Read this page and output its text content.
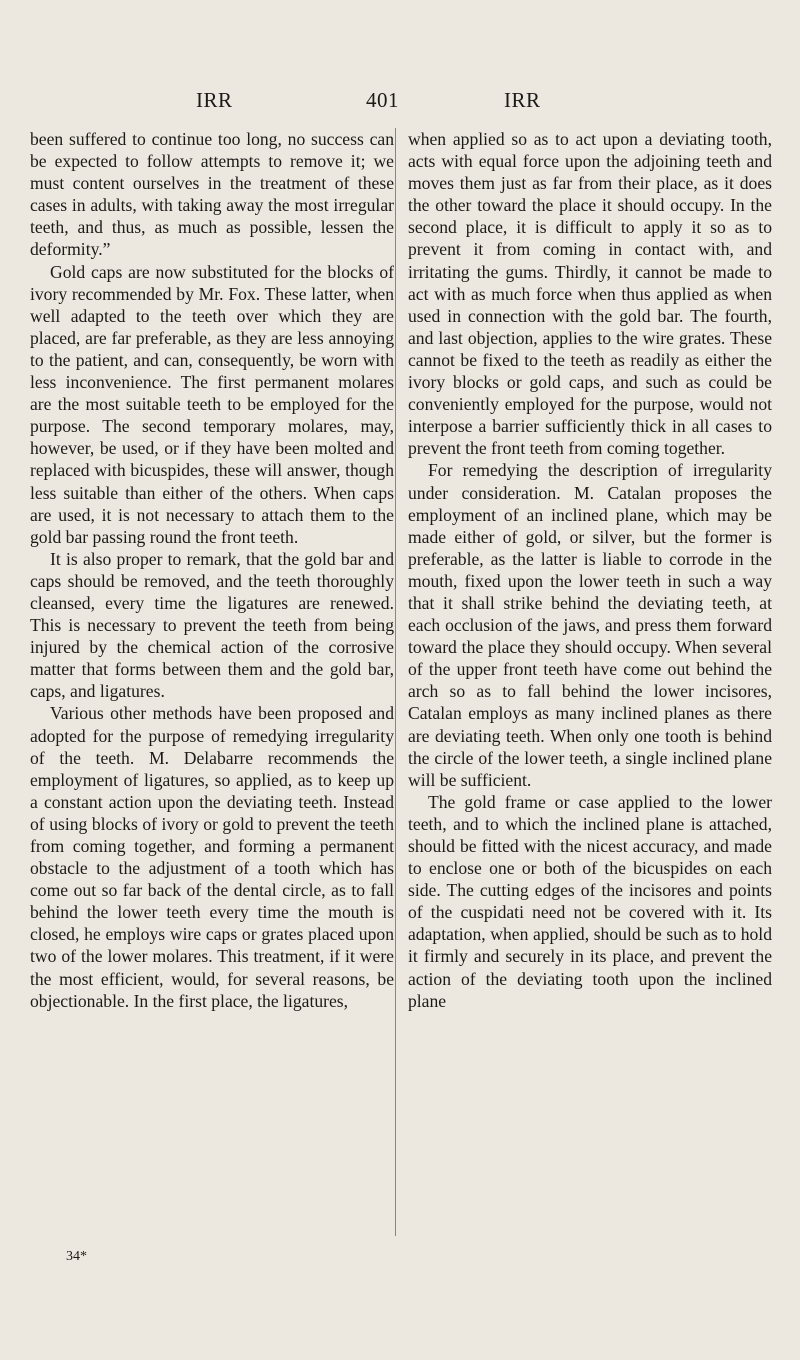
IRR	401	IRR

been suffered to continue too long, no success can be expected to follow attempts to remove it; we must content ourselves in the treatment of these cases in adults, with taking away the most irregular teeth, and thus, as much as possible, lessen the deformity.”

Gold caps are now substituted for the blocks of ivory recommended by Mr. Fox. These latter, when well adapted to the teeth over which they are placed, are far preferable, as they are less annoying to the patient, and can, consequently, be worn with less inconvenience. The first permanent molares are the most suitable teeth to be employed for the purpose. The second temporary molares, may, however, be used, or if they have been molted and replaced with bicuspides, these will answer, though less suitable than either of the others. When caps are used, it is not necessary to attach them to the gold bar passing round the front teeth.

It is also proper to remark, that the gold bar and caps should be removed, and the teeth thoroughly cleansed, every time the ligatures are renewed. This is necessary to prevent the teeth from being injured by the chemical action of the corrosive matter that forms between them and the gold bar, caps, and ligatures.

Various other methods have been proposed and adopted for the purpose of remedying irregularity of the teeth. M. Delabarre recommends the employment of ligatures, so applied, as to keep up a constant action upon the deviating teeth. Instead of using blocks of ivory or gold to prevent the teeth from coming together, and forming a permanent obstacle to the adjustment of a tooth which has come out so far back of the dental circle, as to fall behind the lower teeth every time the mouth is closed, he employs wire caps or grates placed upon two of the lower molares. This treatment, if it were the most efficient, would, for several reasons, be objectionable. In the first place, the ligatures,

when applied so as to act upon a deviating tooth, acts with equal force upon the adjoining teeth and moves them just as far from their place, as it does the other toward the place it should occupy. In the second place, it is difficult to apply it so as to prevent it from coming in contact with, and irritating the gums. Thirdly, it cannot be made to act with as much force when thus applied as when used in connection with the gold bar. The fourth, and last objection, applies to the wire grates. These cannot be fixed to the teeth as readily as either the ivory blocks or gold caps, and such as could be conveniently employed for the purpose, would not interpose a barrier sufficiently thick in all cases to prevent the front teeth from coming together.

For remedying the description of irregularity under consideration. M. Catalan proposes the employment of an inclined plane, which may be made either of gold, or silver, but the former is preferable, as the latter is liable to corrode in the mouth, fixed upon the lower teeth in such a way that it shall strike behind the deviating teeth, at each occlusion of the jaws, and press them forward toward the place they should occupy. When several of the upper front teeth have come out behind the arch so as to fall behind the lower incisores, Catalan employs as many inclined planes as there are deviating teeth. When only one tooth is behind the circle of the lower teeth, a single inclined plane will be sufficient.

The gold frame or case applied to the lower teeth, and to which the inclined plane is attached, should be fitted with the nicest accuracy, and made to enclose one or both of the bicuspides on each side. The cutting edges of the incisores and points of the cuspidati need not be covered with it. Its adaptation, when applied, should be such as to hold it firmly and securely in its place, and prevent the action of the deviating tooth upon the inclined plane

34*
